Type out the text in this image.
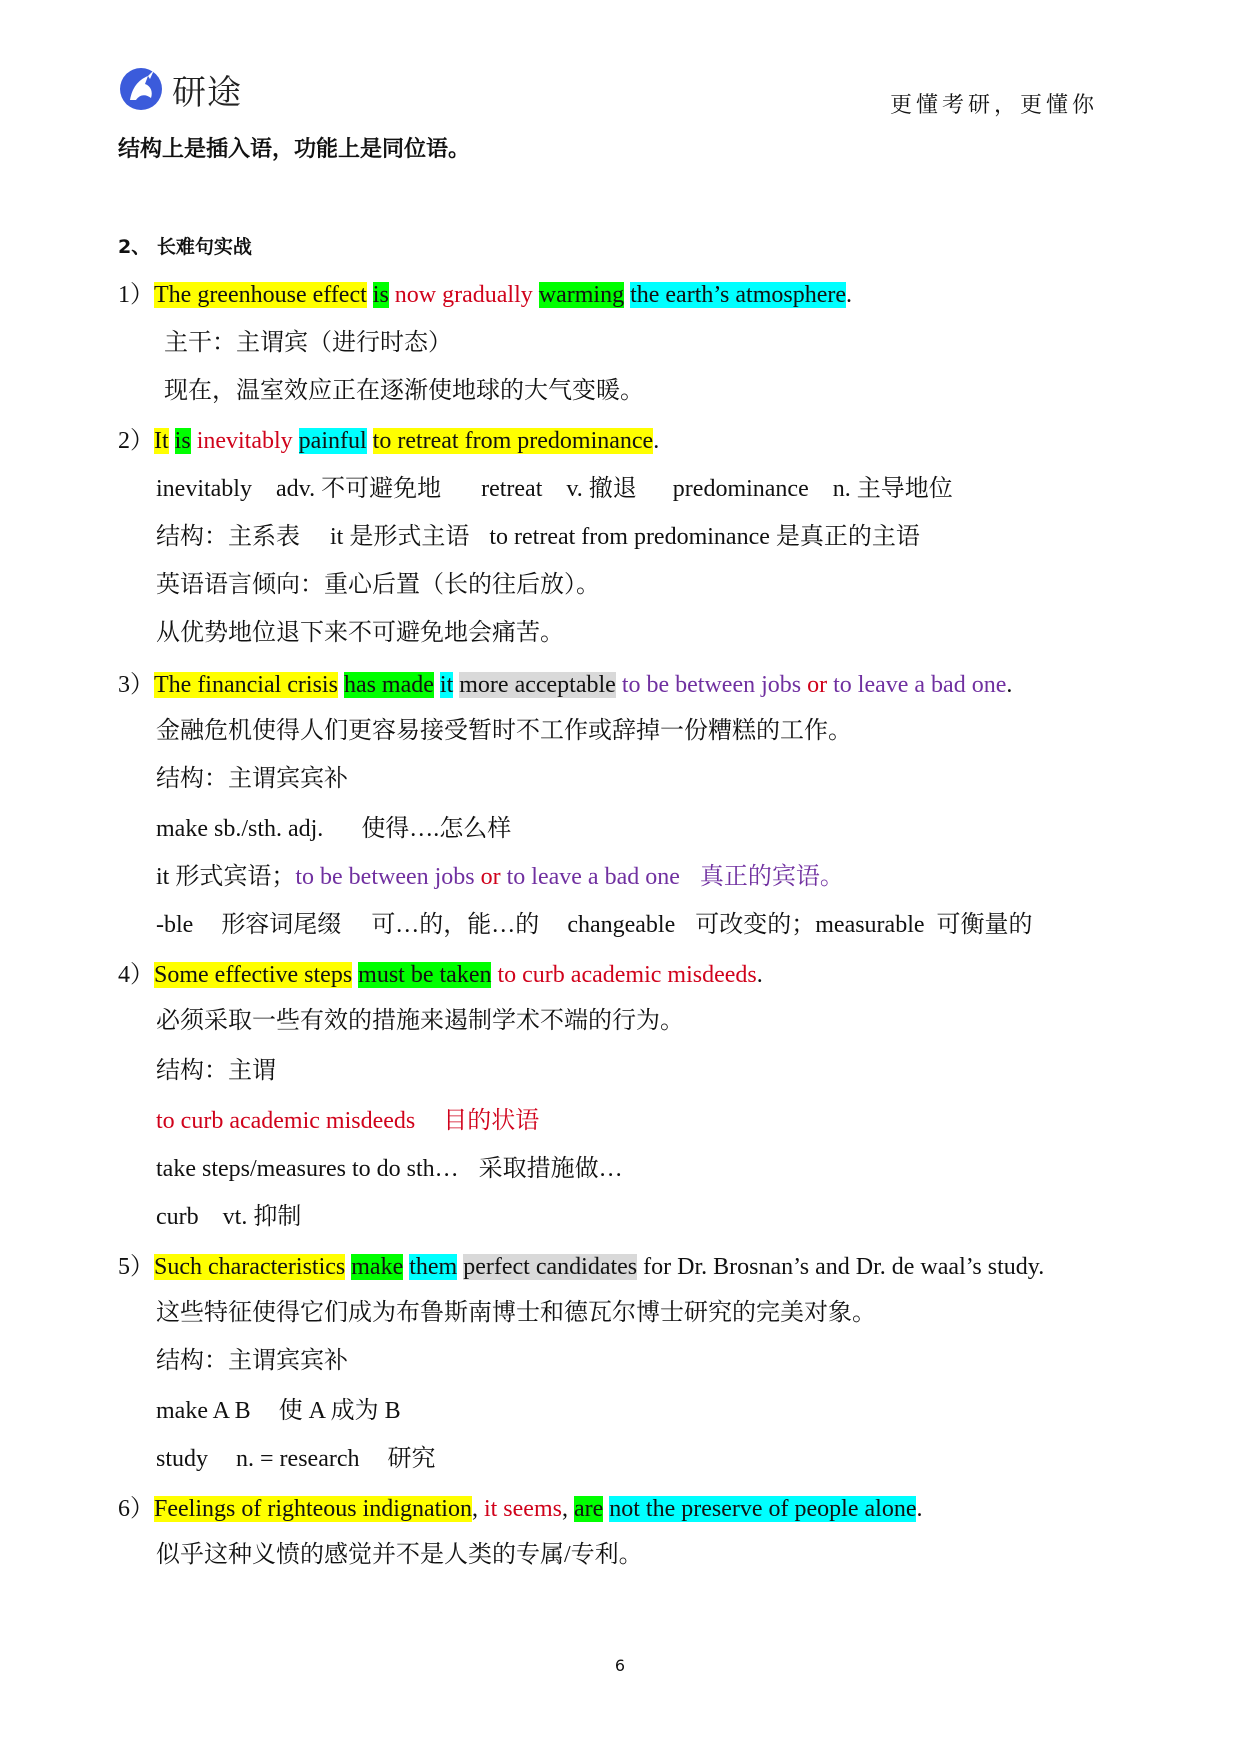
研途	更懂考研，更懂你
结构上是插入语，功能上是同位语。
2、 长难句实战
1）The greenhouse effect is now gradually warming the earth’s atmosphere.
主干：主谓宾（进行时态）
现在，温室效应正在逐渐使地球的大气变暖。
2）It is inevitably painful to retreat from predominance.
inevitably　adv. 不可避免地 retreat　v. 撤退 predominance　n. 主导地位
结构：主系表 it 是形式主语 to retreat from predominance 是真正的主语
英语语言倾向：重心后置（长的往后放）。
从优势地位退下来不可避免地会痛苦。
3）The financial crisis has made it more acceptable to be between jobs or to leave a bad one.
金融危机使得人们更容易接受暂时不工作或辞掉一份糟糕的工作。
结构：主谓宾宾补
make sb./sth. adj. 使得….怎么样
it 形式宾语；to be between jobs or to leave a bad one 真正的宾语。
-ble 形容词尾缀 可…的，能…的 changeable 可改变的；measurable 可衡量的
4）Some effective steps must be taken to curb academic misdeeds.
必须采取一些有效的措施来遏制学术不端的行为。
结构：主谓
to curb academic misdeeds 目的状语
take steps/measures to do sth… 采取措施做…
curb vt. 抑制
5）Such characteristics make them perfect candidates for Dr. Brosnan’s and Dr. de waal’s study.
这些特征使得它们成为布鲁斯南博士和德瓦尔博士研究的完美对象。
结构：主谓宾宾补
make A B 使 A 成为 B
study n. = research 研究
6）Feelings of righteous indignation, it seems, are not the preserve of people alone.
似乎这种义愤的感觉并不是人类的专属/专利。
6
